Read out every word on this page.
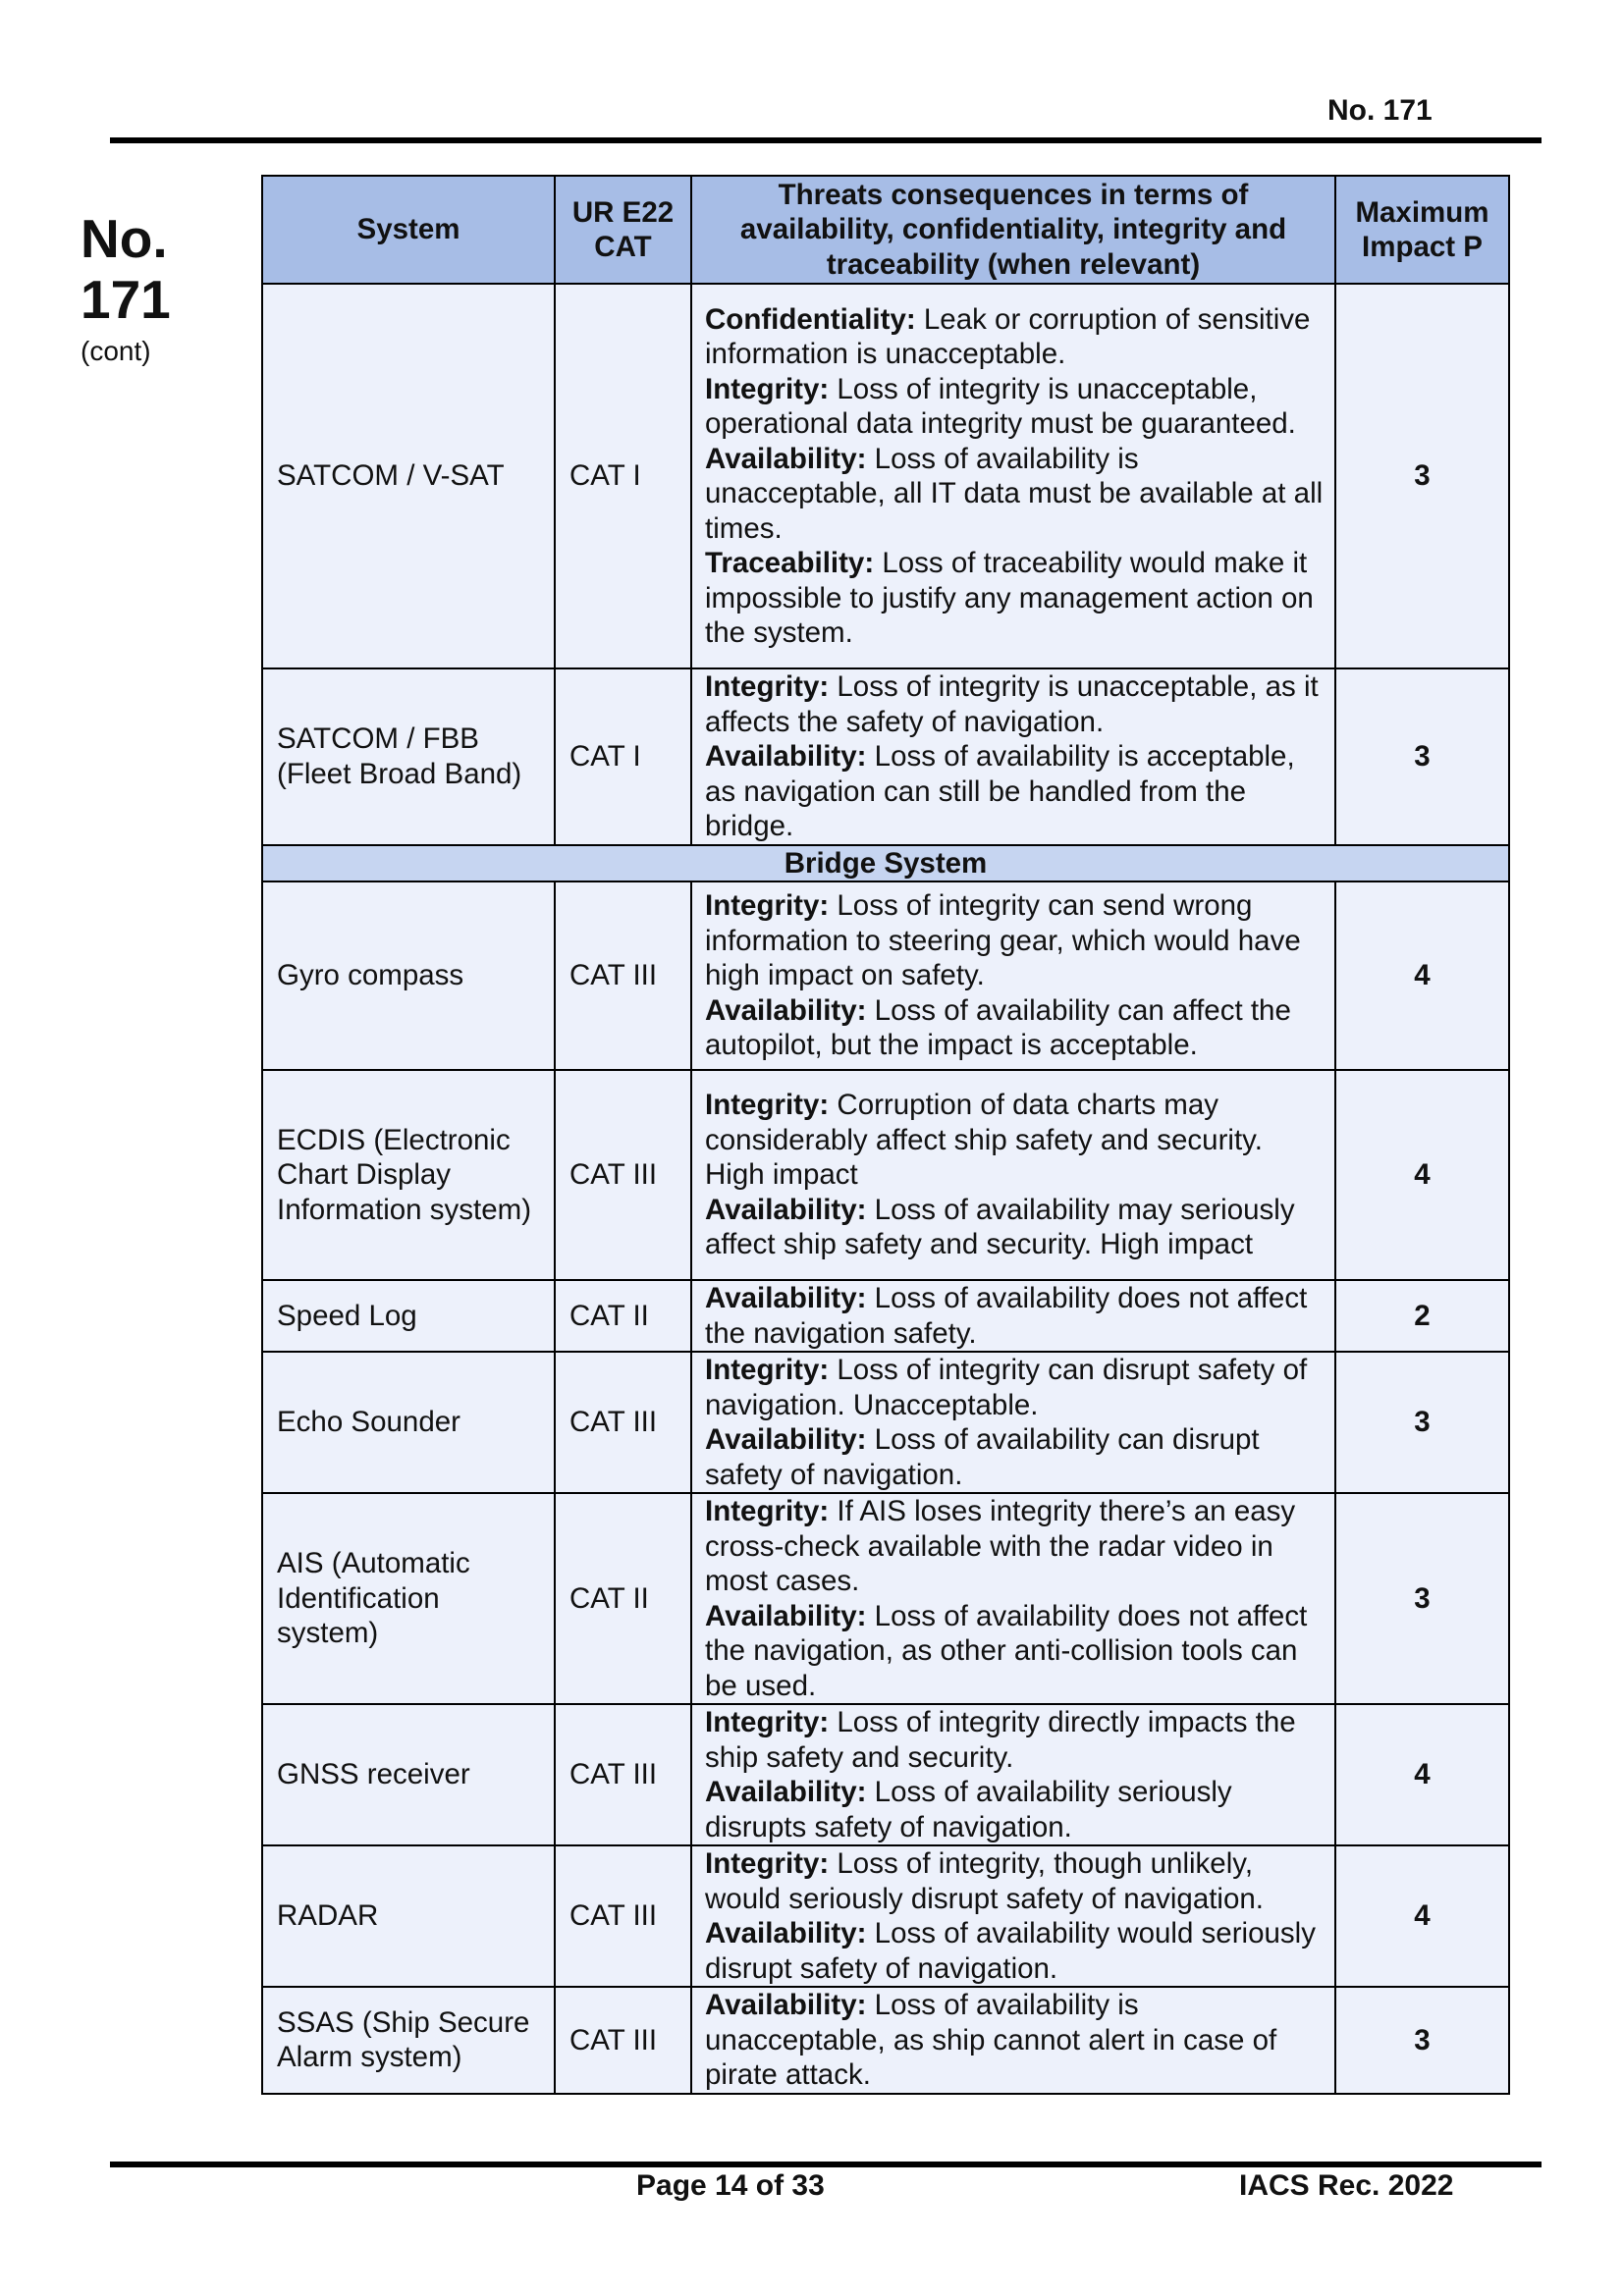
No. 171
No.
171
(cont)
System	UR E22 CAT	Threats consequences in terms of availability, confidentiality, integrity and traceability (when relevant)	Maximum Impact P
SATCOM / V-SAT	CAT I	Confidentiality: Leak or corruption of sensitive information is unacceptable.
Integrity: Loss of integrity is unacceptable, operational data integrity must be guaranteed.
Availability: Loss of availability is unacceptable, all IT data must be available at all times.
Traceability: Loss of traceability would make it impossible to justify any management action on the system.	3
SATCOM / FBB (Fleet Broad Band)	CAT I	Integrity: Loss of integrity is unacceptable, as it affects the safety of navigation.
Availability: Loss of availability is acceptable, as navigation can still be handled from the bridge.	3
Bridge System			
Gyro compass	CAT III	Integrity: Loss of integrity can send wrong information to steering gear, which would have high impact on safety.
Availability: Loss of availability can affect the autopilot, but the impact is acceptable.	4
ECDIS (Electronic Chart Display Information system)	CAT III	Integrity: Corruption of data charts may considerably affect ship safety and security. High impact
Availability: Loss of availability may seriously affect ship safety and security. High impact	4
Speed Log	CAT II	Availability: Loss of availability does not affect the navigation safety.	2
Echo Sounder	CAT III	Integrity: Loss of integrity can disrupt safety of navigation. Unacceptable.
Availability: Loss of availability can disrupt safety of navigation.	3
AIS (Automatic Identification system)	CAT II	Integrity: If AIS loses integrity there’s an easy cross-check available with the radar video in most cases.
Availability: Loss of availability does not affect the navigation, as other anti-collision tools can be used.	3
GNSS receiver	CAT III	Integrity: Loss of integrity directly impacts the ship safety and security.
Availability: Loss of availability seriously disrupts safety of navigation.	4
RADAR	CAT III	Integrity: Loss of integrity, though unlikely, would seriously disrupt safety of navigation.
Availability: Loss of availability would seriously disrupt safety of navigation.	4
SSAS (Ship Secure Alarm system)	CAT III	Availability: Loss of availability is unacceptable, as ship cannot alert in case of pirate attack.	3
Page 14 of 33	IACS Rec. 2022
